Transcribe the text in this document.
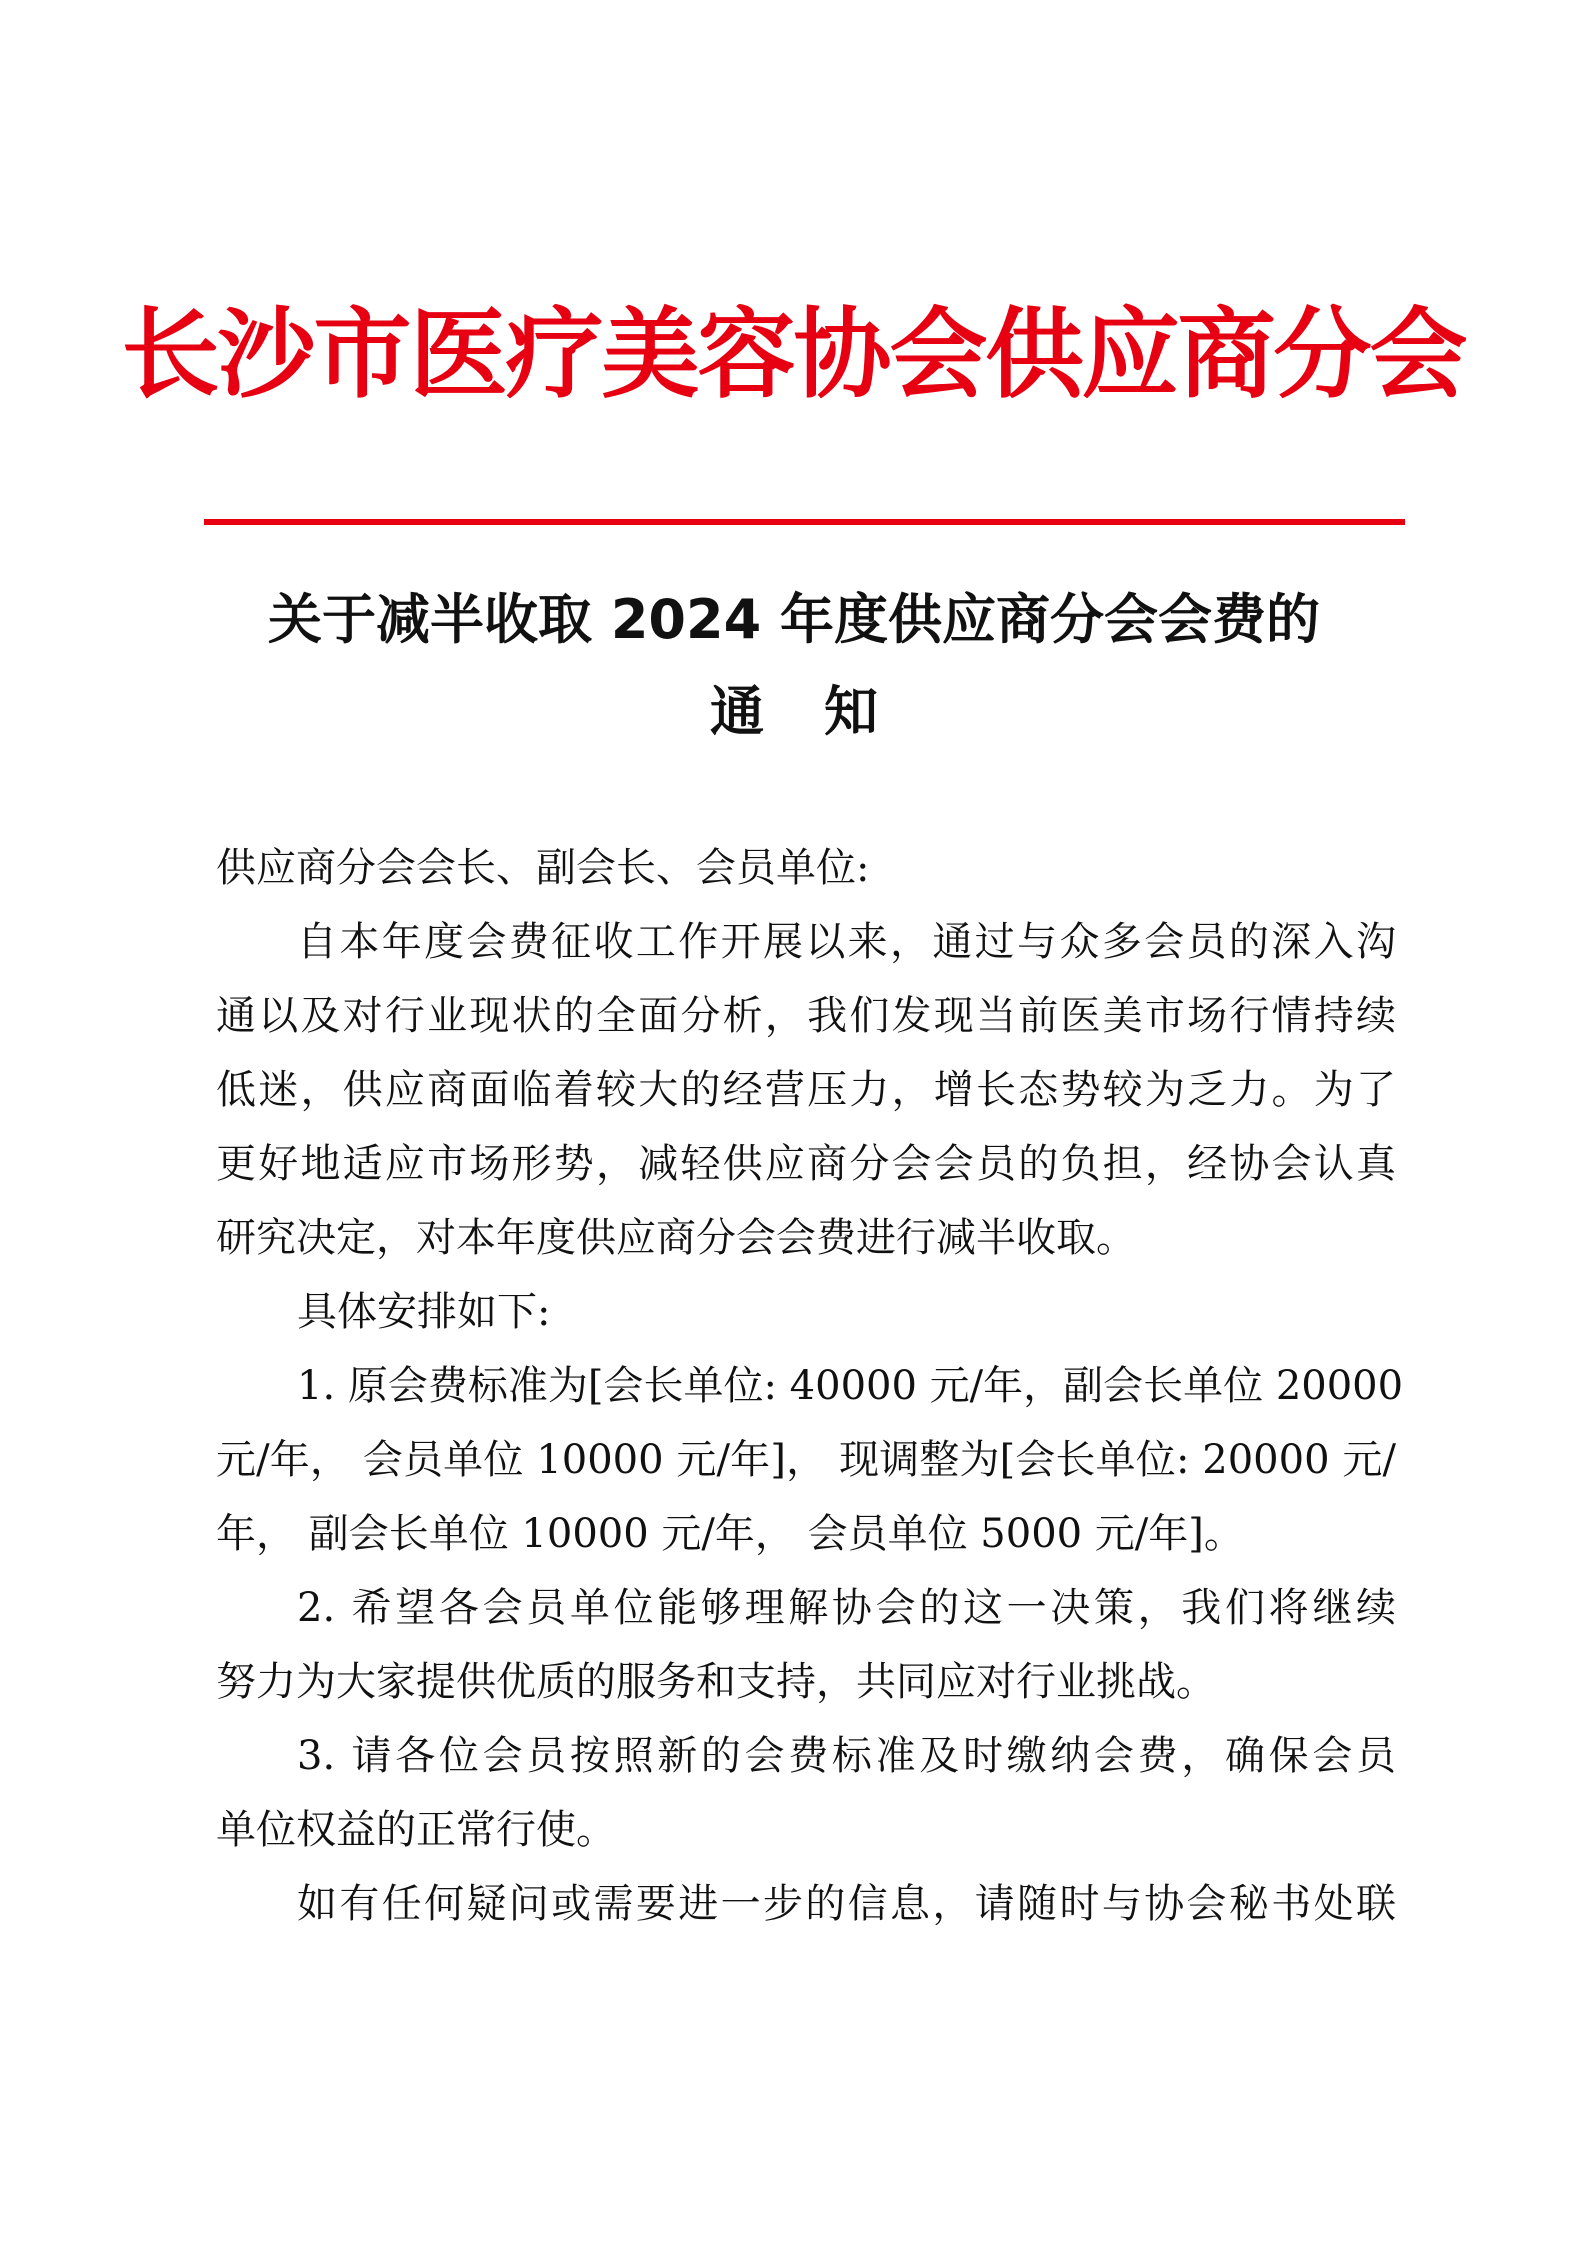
长沙市医疗美容协会供应商分会
关于减半收取 2024 年度供应商分会会费的
通知
供应商分会会长、副会长、会员单位:
自本年度会费征收工作开展以来，通过与众多会员的深入沟
通以及对行业现状的全面分析，我们发现当前医美市场行情持续
低迷，供应商面临着较大的经营压力，增长态势较为乏力。为了
更好地适应市场形势，减轻供应商分会会员的负担，经协会认真
研究决定，对本年度供应商分会会费进行减半收取。
具体安排如下:
1. 原会费标准为[会长单位: 40000 元/年，副会长单位 20000
元/年， 会员单位 10000 元/年]， 现调整为[会长单位: 20000 元/
年， 副会长单位 10000 元/年， 会员单位 5000 元/年]。
2. 希望各会员单位能够理解协会的这一决策，我们将继续
努力为大家提供优质的服务和支持，共同应对行业挑战。
3. 请各位会员按照新的会费标准及时缴纳会费，确保会员
单位权益的正常行使。
如有任何疑问或需要进一步的信息，请随时与协会秘书处联
